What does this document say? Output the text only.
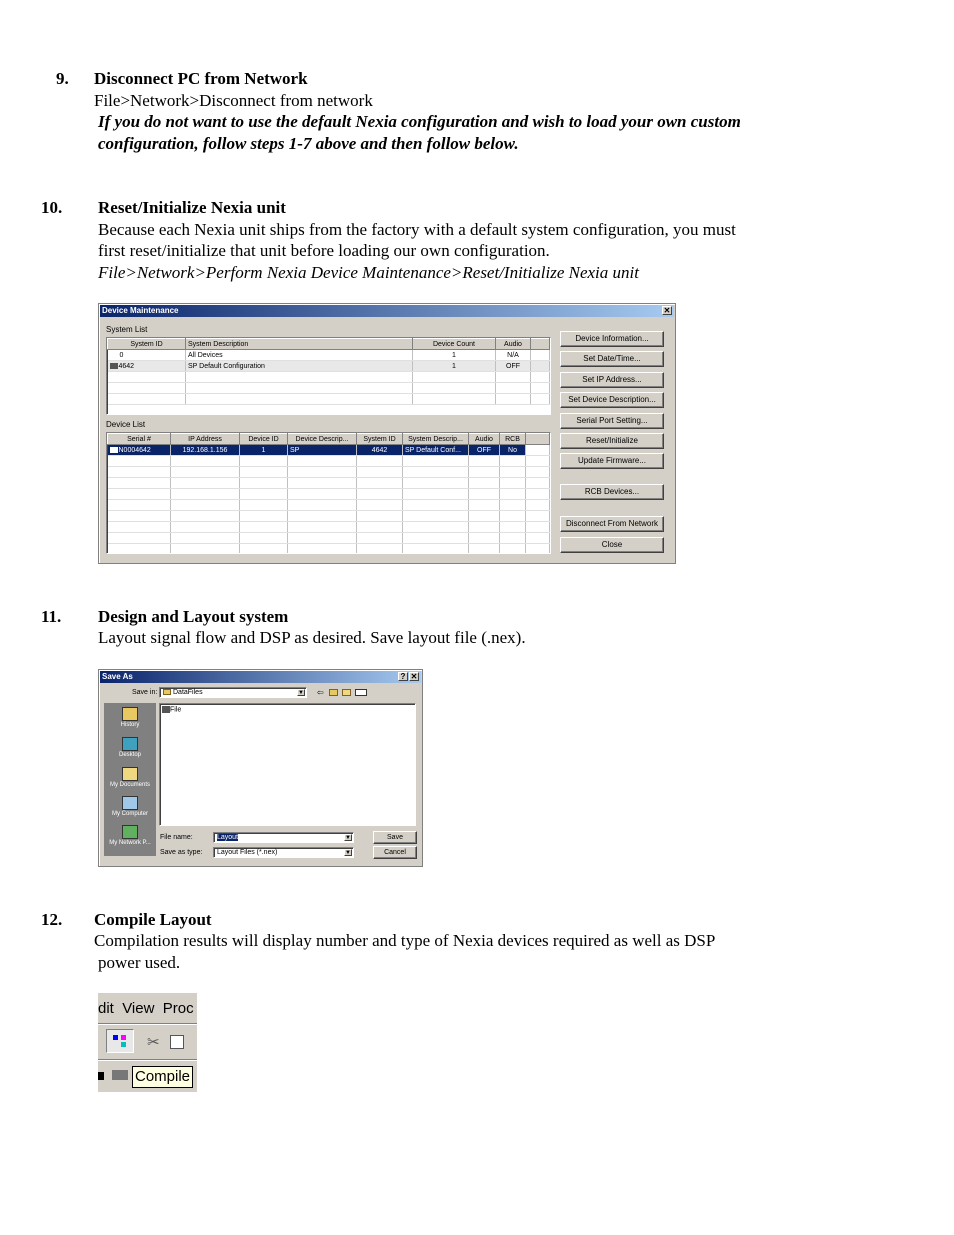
9. Disconnect PC from Network
File>Network>Disconnect from network
If you do not want to use the default Nexia configuration and wish to load your own custom
configuration, follow steps 1-7 above and then follow below.
10. Reset/Initialize Nexia unit
Because each Nexia unit ships from the factory with a default system configuration, you must
first reset/initialize that unit before loading our own configuration.
File>Network>Perform Nexia Device Maintenance>Reset/Initialize Nexia unit
Device Maintenance	✕
System List
System ID	System Description	Device Count	Audio	
0	All Devices	1	N/A	
4642	SP Default Configuration	1	OFF	

Device List
Serial #	IP Address	Device ID	Device Descrip...	System ID	System Descrip...	Audio	RCB	
N0004642	192.168.1.156	1	SP	4642	SP Default Conf...	OFF	No	

Device Information...
Set Date/Time...
Set IP Address...
Set Device Description...
Serial Port Setting...
Reset/Initialize
Update Firmware...
RCB Devices...
Disconnect From Network
Close
11. Design and Layout system
Layout signal flow and DSP as desired. Save layout file (.nex).
Save As	? ✕
Save in:	DataFiles	▼ ⇦
History
Desktop
My Documents
My Computer
My Network P...
File
File name:	Layout	▼
Save as type:	Layout Files (*.nex)	▼
Save
Cancel
12. Compile Layout
Compilation results will display number and type of Nexia devices required as well as DSP
power used.
dit View Proc
✂
Compile
